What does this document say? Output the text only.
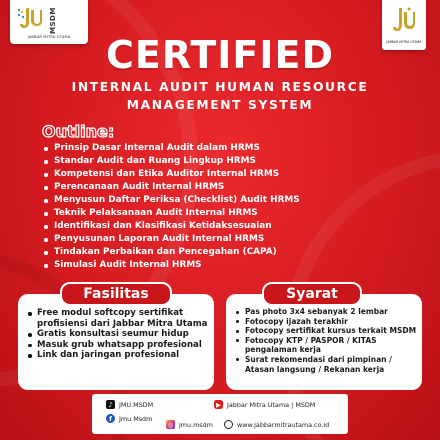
MSDM
JABBAR MITRA UTAMA
JABBAR MITRA UTAMA
CERTIFIED
INTERNAL AUDIT HUMAN RESOURCE
MANAGEMENT SYSTEM
Outline:
Prinsip Dasar Internal Audit dalam HRMS
Standar Audit dan Ruang Lingkup HRMS
Kompetensi dan Etika Auditor Internal HRMS
Perencanaan Audit Internal HRMS
Menyusun Daftar Periksa (Checklist) Audit HRMS
Teknik Pelaksanaan Audit Internal HRMS
Identifikasi dan Klasifikasi Ketidaksesuaian
Penyusunan Laporan Audit Internal HRMS
Tindakan Perbaikan dan Pencegahan (CAPA)
Simulasi Audit Internal HRMS
Fasilitas
Free modul softcopy sertifikat profisiensi dari Jabbar Mitra Utama
Gratis konsultasi seumur hidup
Masuk grub whatsapp profesional
Link dan jaringan profesional
Syarat
Pas photo 3x4 sebanyak 2 lembar
Fotocopy ijazah terakhir
Fotocopy sertifikat kursus terkait MSDM
Fotocopy KTP / PASPOR / KITAS pengalaman kerja
Surat rekomendasi dari pimpinan / Atasan langsung / Rekanan kerja
♪	JMU.MSDM	▶ Jabbar Mitra Utama | MSDM
f	Jmu Msdm
◎ jmu.msdm	www.jabbarmitrautama.co.id
